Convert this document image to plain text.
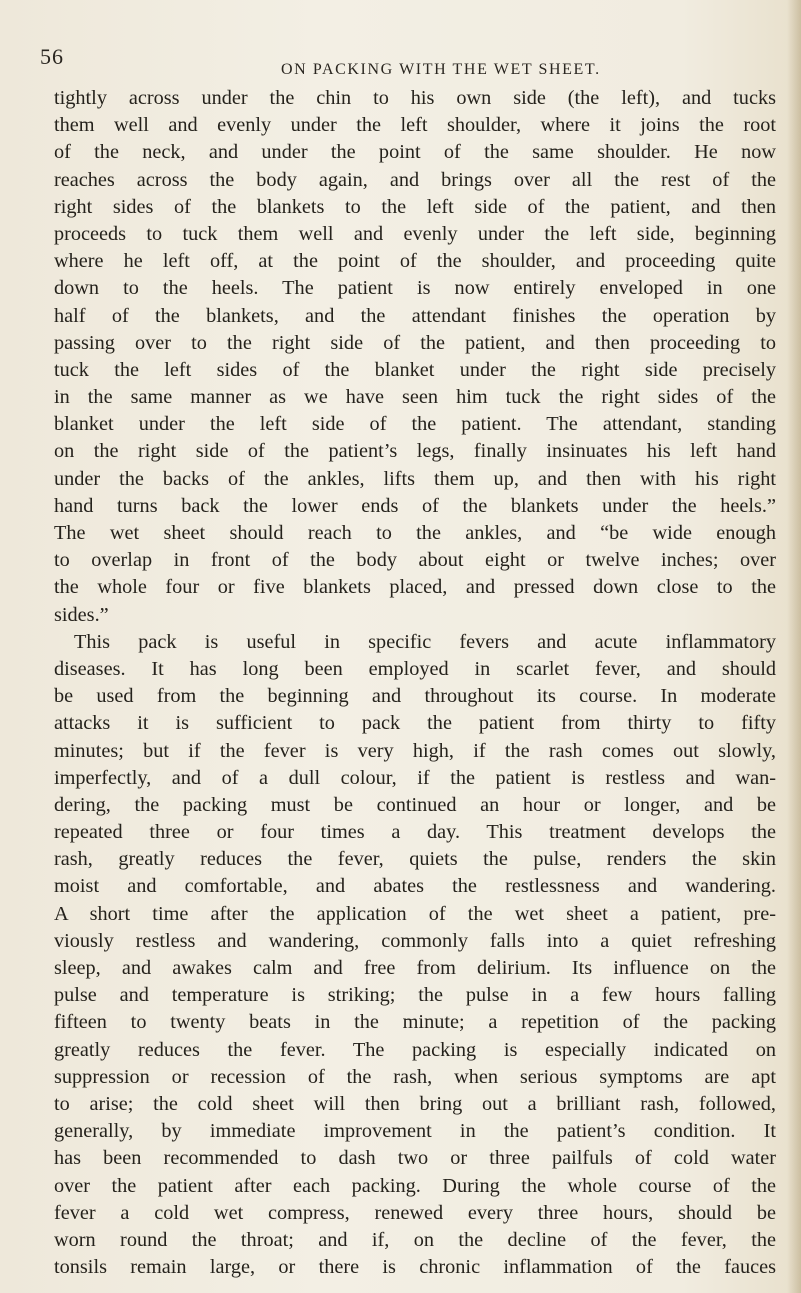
56
ON PACKING WITH THE WET SHEET.
tightly across under the chin to his own side (the left), and tucks
them well and evenly under the left shoulder, where it joins the root
of the neck, and under the point of the same shoulder. He now
reaches across the body again, and brings over all the rest of the
right sides of the blankets to the left side of the patient, and then
proceeds to tuck them well and evenly under the left side, beginning
where he left off, at the point of the shoulder, and proceeding quite
down to the heels. The patient is now entirely enveloped in one
half of the blankets, and the attendant finishes the operation by
passing over to the right side of the patient, and then proceeding to
tuck the left sides of the blanket under the right side precisely
in the same manner as we have seen him tuck the right sides of the
blanket under the left side of the patient. The attendant, standing
on the right side of the patient’s legs, finally insinuates his left hand
under the backs of the ankles, lifts them up, and then with his right
hand turns back the lower ends of the blankets under the heels.”
The wet sheet should reach to the ankles, and “be wide enough
to overlap in front of the body about eight or twelve inches; over
the whole four or five blankets placed, and pressed down close to the
sides.”
This pack is useful in specific fevers and acute inflammatory
diseases. It has long been employed in scarlet fever, and should
be used from the beginning and throughout its course. In moderate
attacks it is sufficient to pack the patient from thirty to fifty
minutes; but if the fever is very high, if the rash comes out slowly,
imperfectly, and of a dull colour, if the patient is restless and wan-
dering, the packing must be continued an hour or longer, and be
repeated three or four times a day. This treatment develops the
rash, greatly reduces the fever, quiets the pulse, renders the skin
moist and comfortable, and abates the restlessness and wandering.
A short time after the application of the wet sheet a patient, pre-
viously restless and wandering, commonly falls into a quiet refreshing
sleep, and awakes calm and free from delirium. Its influence on the
pulse and temperature is striking; the pulse in a few hours falling
fifteen to twenty beats in the minute; a repetition of the packing
greatly reduces the fever. The packing is especially indicated on
suppression or recession of the rash, when serious symptoms are apt
to arise; the cold sheet will then bring out a brilliant rash, followed,
generally, by immediate improvement in the patient’s condition. It
has been recommended to dash two or three pailfuls of cold water
over the patient after each packing. During the whole course of the
fever a cold wet compress, renewed every three hours, should be
worn round the throat; and if, on the decline of the fever, the
tonsils remain large, or there is chronic inflammation of the fauces
